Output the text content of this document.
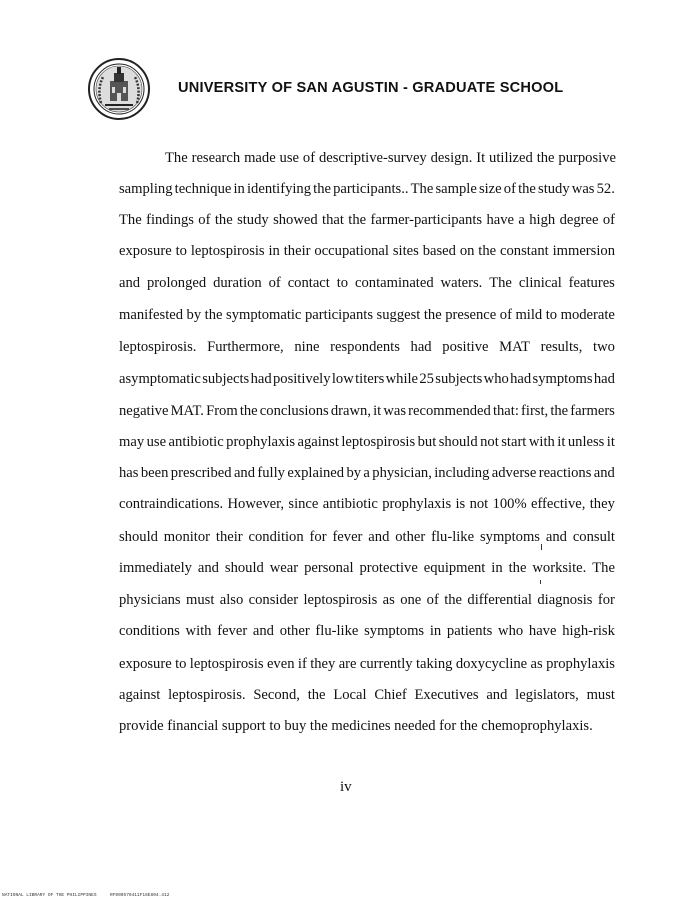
UNIVERSITY OF SAN AGUSTIN - GRADUATE SCHOOL
The research made use of descriptive-survey design. It utilized the purposive
sampling technique in identifying the participants.. The sample size of the study was 52.
The findings of the study showed that the farmer-participants have a high degree of
exposure to leptospirosis in their occupational sites based on the constant immersion
and prolonged duration of contact to contaminated waters. The clinical features
manifested by the symptomatic participants suggest the presence of mild to moderate
leptospirosis. Furthermore, nine respondents had positive MAT results, two
asymptomatic subjects had positively low titers while 25 subjects who had symptoms had
negative MAT. From the conclusions drawn, it was recommended that: first, the farmers
may use antibiotic prophylaxis against leptospirosis but should not start with it unless it
has been prescribed and fully explained by a physician, including adverse reactions and
contraindications. However, since antibiotic prophylaxis is not 100% effective, they
should monitor their condition for fever and other flu-like symptoms and consult
immediately and should wear personal protective equipment in the worksite. The
physicians must also consider leptospirosis as one of the differential diagnosis for
conditions with fever and other flu-like symptoms in patients who have high-risk
exposure to leptospirosis even if they are currently taking doxycycline as prophylaxis
against leptospirosis. Second, the Local Chief Executives and legislators, must
provide financial support to buy the medicines needed for the chemoprophylaxis.
iv
NATIONAL LIBRARY OF THE PHILIPPINES	RF000570411F16E804.412
